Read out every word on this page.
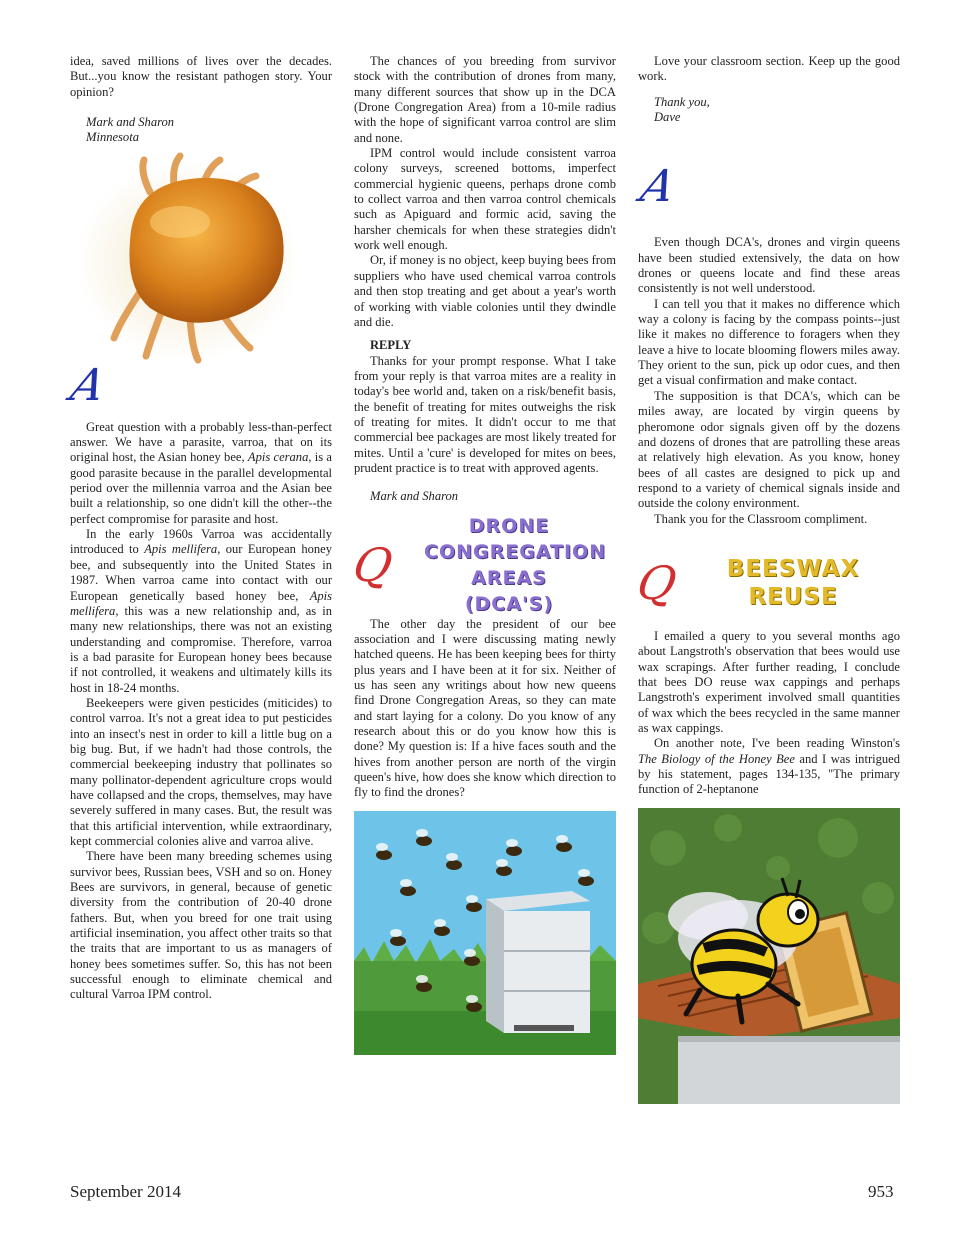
idea, saved millions of lives over the decades. But...you know the resistant pathogen story. Your opinion?

Mark and Sharon

Minnesota

A

Great question with a probably less-than-perfect answer. We have a parasite, varroa, that on its original host, the Asian honey bee, Apis cerana, is a good parasite because in the parallel developmental period over the millennia varroa and the Asian bee built a relationship, so one didn't kill the other--the perfect compromise for parasite and host.

In the early 1960s Varroa was accidentally introduced to Apis mellifera, our European honey bee, and subsequently into the United States in 1987. When varroa came into contact with our European genetically based honey bee, Apis mellifera, this was a new relationship and, as in many new relationships, there was not an existing understanding and compromise. Therefore, varroa is a bad parasite for European honey bees because if not controlled, it weakens and ultimately kills its host in 18-24 months.

Beekeepers were given pesticides (miticides) to control varroa. It's not a great idea to put pesticides into an insect's nest in order to kill a little bug on a big bug. But, if we hadn't had those controls, the commercial beekeeping industry that pollinates so many pollinator-dependent agriculture crops would have collapsed and the crops, themselves, may have severely suffered in many cases. But, the result was that this artificial intervention, while extraordinary, kept commercial colonies alive and varroa alive.

There have been many breeding schemes using survivor bees, Russian bees, VSH and so on. Honey Bees are survivors, in general, because of genetic diversity from the contribution of 20-40 drone fathers. But, when you breed for one trait using artificial insemination, you affect other traits so that the traits that are important to us as managers of honey bees sometimes suffer. So, this has not been successful enough to eliminate chemical and cultural Varroa IPM control.

The chances of you breeding from survivor stock with the contribution of drones from many, many different sources that show up in the DCA (Drone Congregation Area) from a 10-mile radius with the hope of significant varroa control are slim and none.

IPM control would include consistent varroa colony surveys, screened bottoms, imperfect commercial hygienic queens, perhaps drone comb to collect varroa and then varroa control chemicals such as Apiguard and formic acid, saving the harsher chemicals for when these strategies didn't work well enough.

Or, if money is no object, keep buying bees from suppliers who have used chemical varroa controls and then stop treating and get about a year's worth of working with viable colonies until they dwindle and die.

REPLY

Thanks for your prompt response. What I take from your reply is that varroa mites are a reality in today's bee world and, taken on a risk/benefit basis, the benefit of treating for mites outweighs the risk of treating for mites. It didn't occur to me that commercial bee packages are most likely treated for mites. Until a 'cure' is developed for mites on bees, prudent practice is to treat with approved agents.

Mark and Sharon

Q
DRONE
CONGREGATION
AREAS (DCA'S)

The other day the president of our bee association and I were discussing mating newly hatched queens. He has been keeping bees for thirty plus years and I have been at it for six. Neither of us has seen any writings about how new queens find Drone Congregation Areas, so they can mate and start laying for a colony. Do you know of any research about this or do you know how this is done? My question is: If a hive faces south and the hives from another person are north of the virgin queen's hive, how does she know which direction to fly to find the drones?

Love your classroom section. Keep up the good work.

Thank you,

Dave

A

Even though DCA's, drones and virgin queens have been studied extensively, the data on how drones or queens locate and find these areas consistently is not well understood.

I can tell you that it makes no difference which way a colony is facing by the compass points--just like it makes no difference to foragers when they leave a hive to locate blooming flowers miles away. They orient to the sun, pick up odor cues, and then get a visual confirmation and make contact.

The supposition is that DCA's, which can be miles away, are located by virgin queens by pheromone odor signals given off by the dozens and dozens of drones that are patrolling these areas at relatively high elevation. As you know, honey bees of all castes are designed to pick up and respond to a variety of chemical signals inside and outside the colony environment.

Thank you for the Classroom compliment.

Q	BEESWAX
REUSE

I emailed a query to you several months ago about Langstroth's observation that bees would use wax scrapings. After further reading, I conclude that bees DO reuse wax cappings and perhaps Langstroth's experiment involved small quantities of wax which the bees recycled in the same manner as wax cappings.

On another note, I've been reading Winston's The Biology of the Honey Bee and I was intrigued by his statement, pages 134-135, "The primary function of 2-heptanone

September 2014	953
